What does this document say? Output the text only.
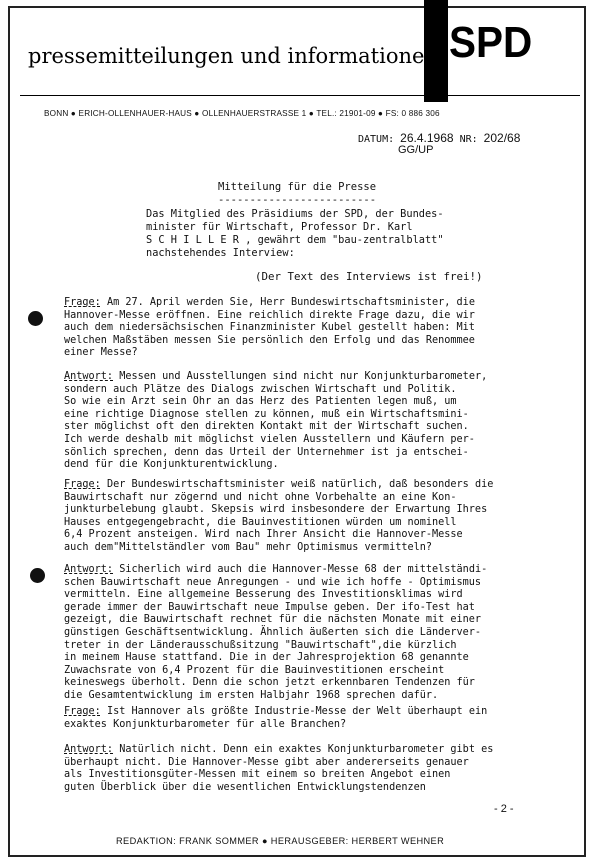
SPD
pressemitteilungen und informationen
BONN ● ERICH-OLLENHAUER-HAUS ● OLLENHAUERSTRASSE 1 ● TEL.: 21901-09 ● FS: 0 886 306
DATUM: 26.4.1968 NR: 202/68
GG/UP
Mitteilung für die Presse
-------------------------

Das Mitglied des Präsidiums der SPD, der Bundes-

minister für Wirtschaft, Professor Dr. Karl

S C H I L L E R , gewährt dem "bau-zentralblatt"

nachstehendes Interview:

(Der Text des Interviews ist frei!)

Frage: Am 27. April werden Sie, Herr Bundeswirtschaftsminister, die

Hannover-Messe eröffnen. Eine reichlich direkte Frage dazu, die wir

auch dem niedersächsischen Finanzminister Kubel gestellt haben: Mit

welchen Maßstäben messen Sie persönlich den Erfolg und das Renommee

einer Messe?

Antwort: Messen und Ausstellungen sind nicht nur Konjunkturbarometer,

sondern auch Plätze des Dialogs zwischen Wirtschaft und Politik.

So wie ein Arzt sein Ohr an das Herz des Patienten legen muß, um

eine richtige Diagnose stellen zu können, muß ein Wirtschaftsmini-

ster möglichst oft den direkten Kontakt mit der Wirtschaft suchen.

Ich werde deshalb mit möglichst vielen Ausstellern und Käufern per-

sönlich sprechen, denn das Urteil der Unternehmer ist ja entschei-

dend für die Konjunkturentwicklung.

Frage: Der Bundeswirtschaftsminister weiß natürlich, daß besonders die

Bauwirtschaft nur zögernd und nicht ohne Vorbehalte an eine Kon-

junkturbelebung glaubt. Skepsis wird insbesondere der Erwartung Ihres

Hauses entgegengebracht, die Bauinvestitionen würden um nominell

6,4 Prozent ansteigen. Wird nach Ihrer Ansicht die Hannover-Messe

auch dem"Mittelständler vom Bau" mehr Optimismus vermitteln?

Antwort: Sicherlich wird auch die Hannover-Messe 68 der mittelständi-

schen Bauwirtschaft neue Anregungen - und wie ich hoffe - Optimismus

vermitteln. Eine allgemeine Besserung des Investitionsklimas wird

gerade immer der Bauwirtschaft neue Impulse geben. Der ifo-Test hat

gezeigt, die Bauwirtschaft rechnet für die nächsten Monate mit einer

günstigen Geschäftsentwicklung. Ähnlich äußerten sich die Länderver-

treter in der Länderausschußsitzung "Bauwirtschaft",die kürzlich

in meinem Hause stattfand. Die in der Jahresprojektion 68 genannte

Zuwachsrate von 6,4 Prozent für die Bauinvestitionen erscheint

keineswegs überholt. Denn die schon jetzt erkennbaren Tendenzen für

die Gesamtentwicklung im ersten Halbjahr 1968 sprechen dafür.

Frage: Ist Hannover als größte Industrie-Messe der Welt überhaupt ein

exaktes Konjunkturbarometer für alle Branchen?

Antwort: Natürlich nicht. Denn ein exaktes Konjunkturbarometer gibt es

überhaupt nicht. Die Hannover-Messe gibt aber andererseits genauer

als Investitionsgüter-Messen mit einem so breiten Angebot einen

guten Überblick über die wesentlichen Entwicklungstendenzen

- 2 -
REDAKTION: FRANK SOMMER ● HERAUSGEBER: HERBERT WEHNER
